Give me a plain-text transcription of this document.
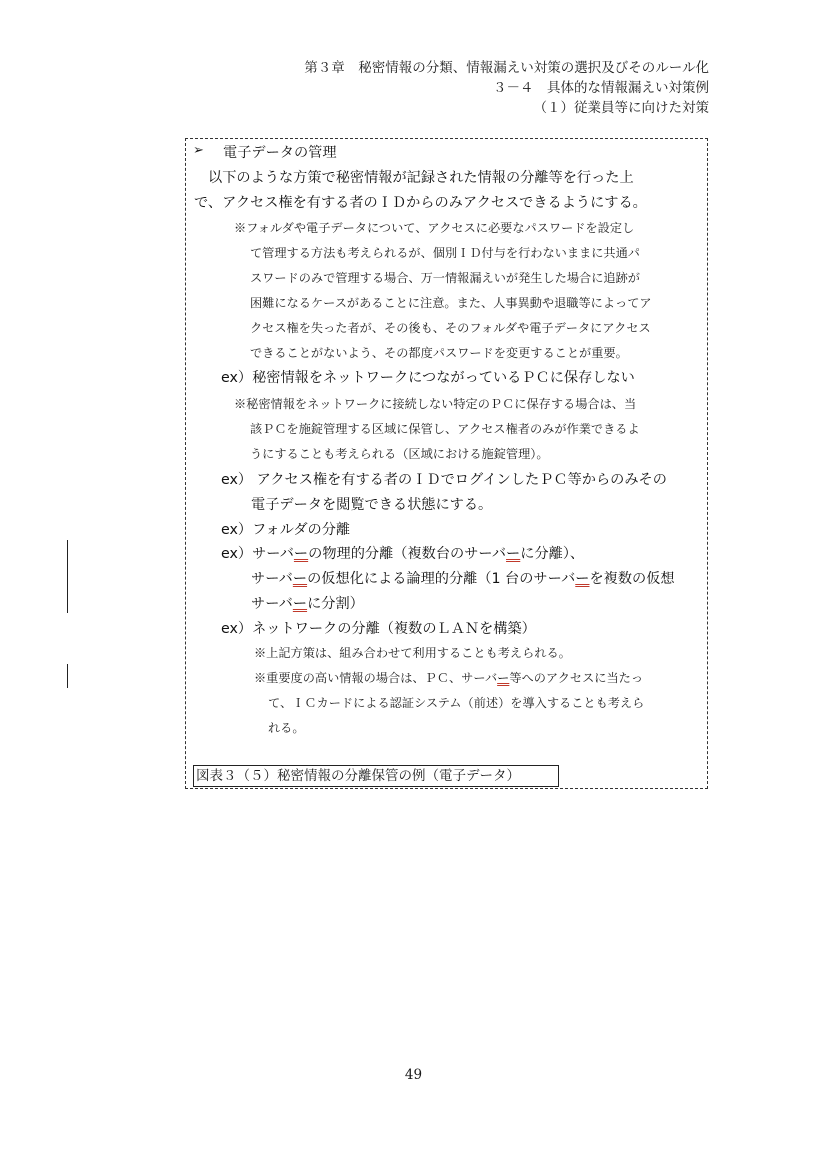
第３章　秘密情報の分類、情報漏えい対策の選択及びそのルール化
３－４　具体的な情報漏えい対策例
（１）従業員等に向けた対策
➢ 電子データの管理
以下のような方策で秘密情報が記録された情報の分離等を行った上
で、アクセス権を有する者のＩＤからのみアクセスできるようにする。
※フォルダや電子データについて、アクセスに必要なパスワードを設定し
て管理する方法も考えられるが、個別ＩＤ付与を行わないままに共通パ
スワードのみで管理する場合、万一情報漏えいが発生した場合に追跡が
困難になるケースがあることに注意。また、人事異動や退職等によってア
クセス権を失った者が、その後も、そのフォルダや電子データにアクセス
できることがないよう、その都度パスワードを変更することが重要。
ex）秘密情報をネットワークにつながっているＰＣに保存しない
※秘密情報をネットワークに接続しない特定のＰＣに保存する場合は、当
該ＰＣを施錠管理する区域に保管し、アクセス権者のみが作業できるよ
うにすることも考えられる（区域における施錠管理）。
ex） アクセス権を有する者のＩＤでログインしたＰＣ等からのみその
電子データを閲覧できる状態にする。
ex）フォルダの分離
ex）サーバーの物理的分離（複数台のサーバーに分離）、
サーバーの仮想化による論理的分離（1 台のサーバーを複数の仮想
サーバーに分割）
ex）ネットワークの分離（複数のＬＡＮを構築）
※上記方策は、組み合わせて利用することも考えられる。
※重要度の高い情報の場合は、ＰＣ、サーバー等へのアクセスに当たっ
て、ＩＣカードによる認証システム（前述）を導入することも考えら
れる。
図表３（５）秘密情報の分離保管の例（電子データ）
49
